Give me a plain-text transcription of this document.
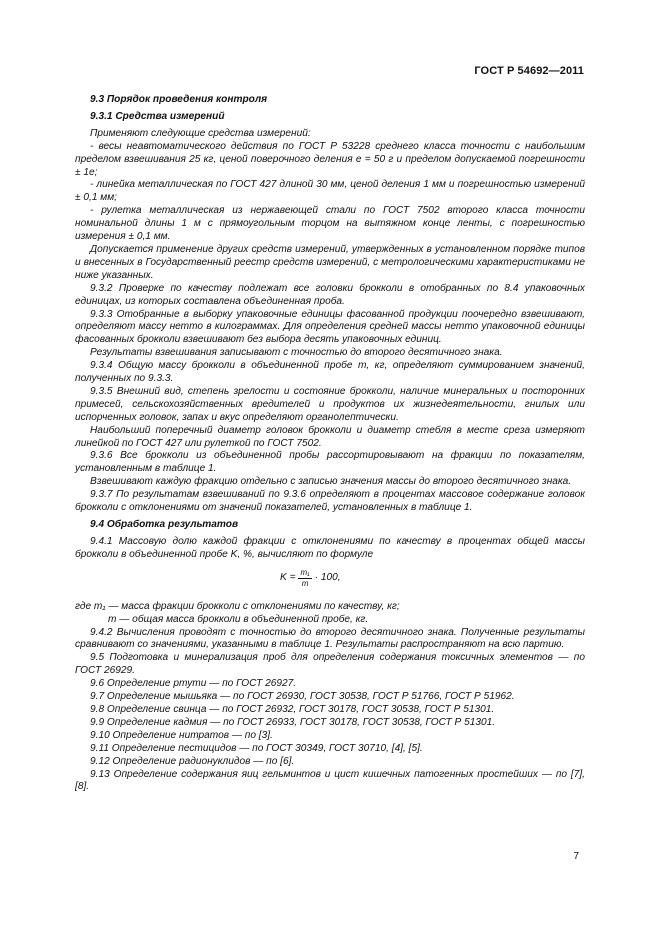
ГОСТ Р 54692—2011

9.3 Порядок проведения контроля

9.3.1 Средства измерений

Применяют следующие средства измерений:

- весы неавтоматического действия по ГОСТ Р 53228 среднего класса точности с наибольшим пределом взвешивания 25 кг, ценой поверочного деления e = 50 г и пределом допускаемой погрешности ± 1e;

- линейка металлическая по ГОСТ 427 длиной 30 мм, ценой деления 1 мм и погрешностью измерений ± 0,1 мм;

- рулетка металлическая из нержавеющей стали по ГОСТ 7502 второго класса точности номинальной длины 1 м с прямоугольным торцом на вытяжном конце ленты, с погрешностью измерения ± 0,1 мм.

Допускается применение других средств измерений, утвержденных в установленном порядке типов и внесенных в Государственный реестр средств измерений, с метрологическими характеристиками не ниже указанных.

9.3.2 Проверке по качеству подлежат все головки брокколи в отобранных по 8.4 упаковочных единицах, из которых составлена объединенная проба.

9.3.3 Отобранные в выборку упаковочные единицы фасованной продукции поочередно взвешивают, определяют массу нетто в килограммах. Для определения средней массы нетто упаковочной единицы фасованных брокколи взвешивают без выбора десять упаковочных единиц.

Результаты взвешивания записывают с точностью до второго десятичного знака.

9.3.4 Общую массу брокколи в объединенной пробе m, кг, определяют суммированием значений, полученных по 9.3.3.

9.3.5 Внешний вид, степень зрелости и состояние брокколи, наличие минеральных и посторонних примесей, сельскохозяйственных вредителей и продуктов их жизнедеятельности, гнилых или испорченных головок, запах и вкус определяют органолептически.

Наибольший поперечный диаметр головок брокколи и диаметр стебля в месте среза измеряют линейкой по ГОСТ 427 или рулеткой по ГОСТ 7502.

9.3.6 Все брокколи из объединенной пробы рассортировывают на фракции по показателям, установленным в таблице 1.

Взвешивают каждую фракцию отдельно с записью значения массы до второго десятичного знака.

9.3.7 По результатам взвешиваний по 9.3.6 определяют в процентах массовое содержание головок брокколи с отклонениями от значений показателей, установленных в таблице 1.

9.4 Обработка результатов

9.4.1 Массовую долю каждой фракции с отклонениями по качеству в процентах общей массы брокколи в объединенной пробе K, %, вычисляют по формуле

$K = \frac{\text{m₁}}{m} \cdot 100$,

где m₁ — масса фракции брокколи с отклонениями по качеству, кг;

m — общая масса брокколи в объединенной пробе, кг.

9.4.2 Вычисления проводят с точностью до второго десятичного знака. Полученные результаты сравнивают со значениями, указанными в таблице 1. Результаты распространяют на всю партию.

9.5 Подготовка и минерализация проб для определения содержания токсичных элементов — по ГОСТ 26929.

9.6 Определение ртути — по ГОСТ 26927.

9.7 Определение мышьяка — по ГОСТ 26930, ГОСТ 30538, ГОСТ Р 51766, ГОСТ Р 51962.

9.8 Определение свинца — по ГОСТ 26932, ГОСТ 30178, ГОСТ 30538, ГОСТ Р 51301.

9.9 Определение кадмия — по ГОСТ 26933, ГОСТ 30178, ГОСТ 30538, ГОСТ Р 51301.

9.10 Определение нитратов — по [3].

9.11 Определение пестицидов — по ГОСТ 30349, ГОСТ 30710, [4], [5].

9.12 Определение радионуклидов — по [6].

9.13 Определение содержания яиц гельминтов и цист кишечных патогенных простейших — по [7], [8].

7
